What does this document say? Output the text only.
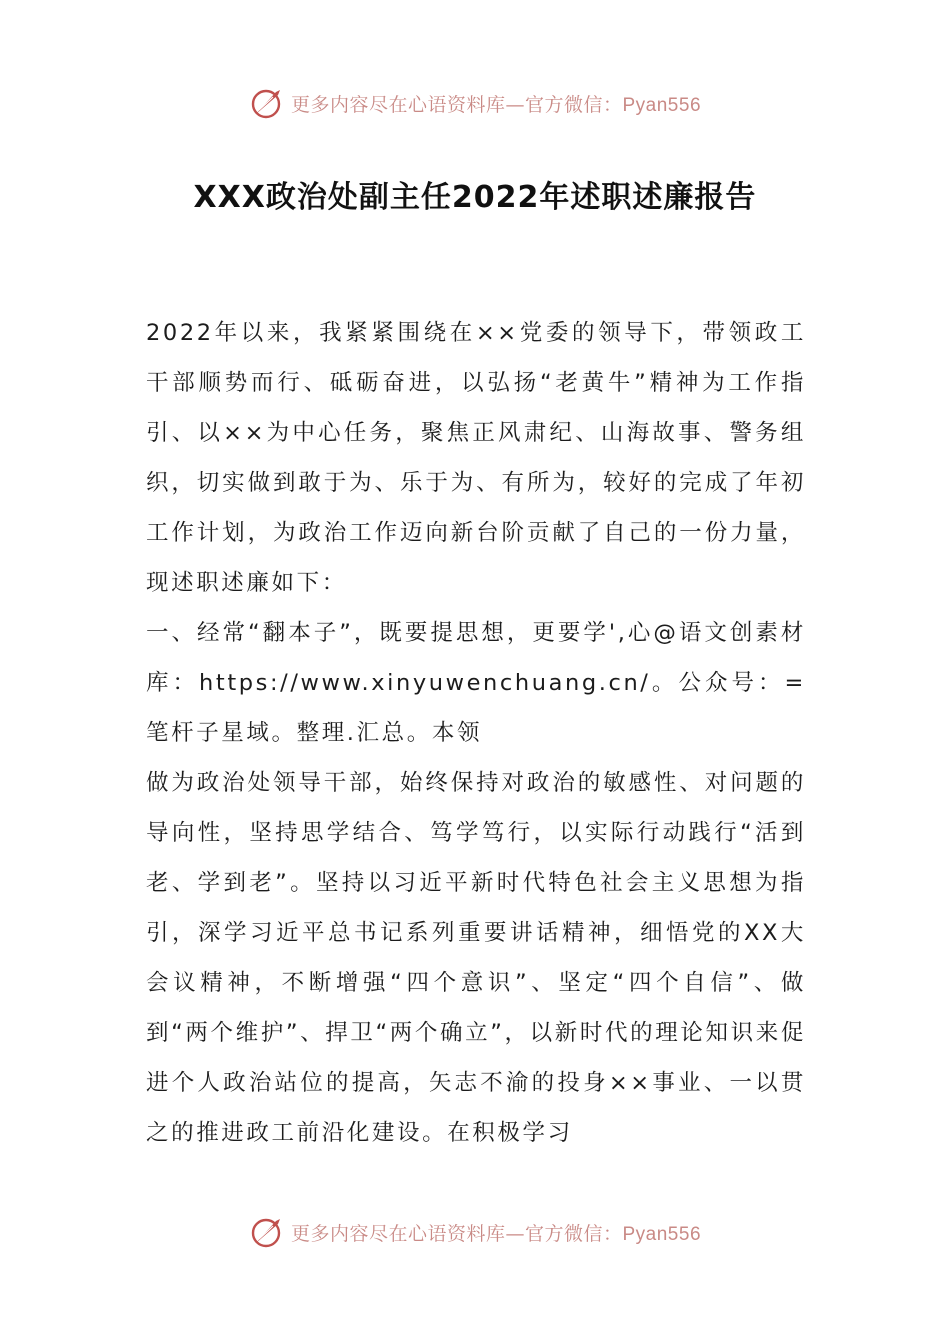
更多内容尽在心语资料库—官方微信：Pyan556
XXX政治处副主任2022年述职述廉报告

2022年以来，我紧紧围绕在××党委的领导下，带领政工干部顺势而行、砥砺奋进，以弘扬“老黄牛”精神为工作指引、以××为中心任务，聚焦正风肃纪、山海故事、警务组织，切实做到敢于为、乐于为、有所为，较好的完成了年初工作计划，为政治工作迈向新台阶贡献了自己的一份力量，现述职述廉如下：

一、经常“翻本子”，既要提思想，更要学',心@语文创素材库：https://www.xinyuwenchuang.cn/。公众号：=笔杆子星域。整理.汇总。本领

做为政治处领导干部，始终保持对政治的敏感性、对问题的导向性，坚持思学结合、笃学笃行，以实际行动践行“活到老、学到老”。坚持以习近平新时代特色社会主义思想为指引，深学习近平总书记系列重要讲话精神，细悟党的XX大会议精神，不断增强“四个意识”、坚定“四个自信”、做到“两个维护”、捍卫“两个确立”，以新时代的理论知识来促进个人政治站位的提高，矢志不渝的投身××事业、一以贯之的推进政工前沿化建设。在积极学习

更多内容尽在心语资料库—官方微信：Pyan556
